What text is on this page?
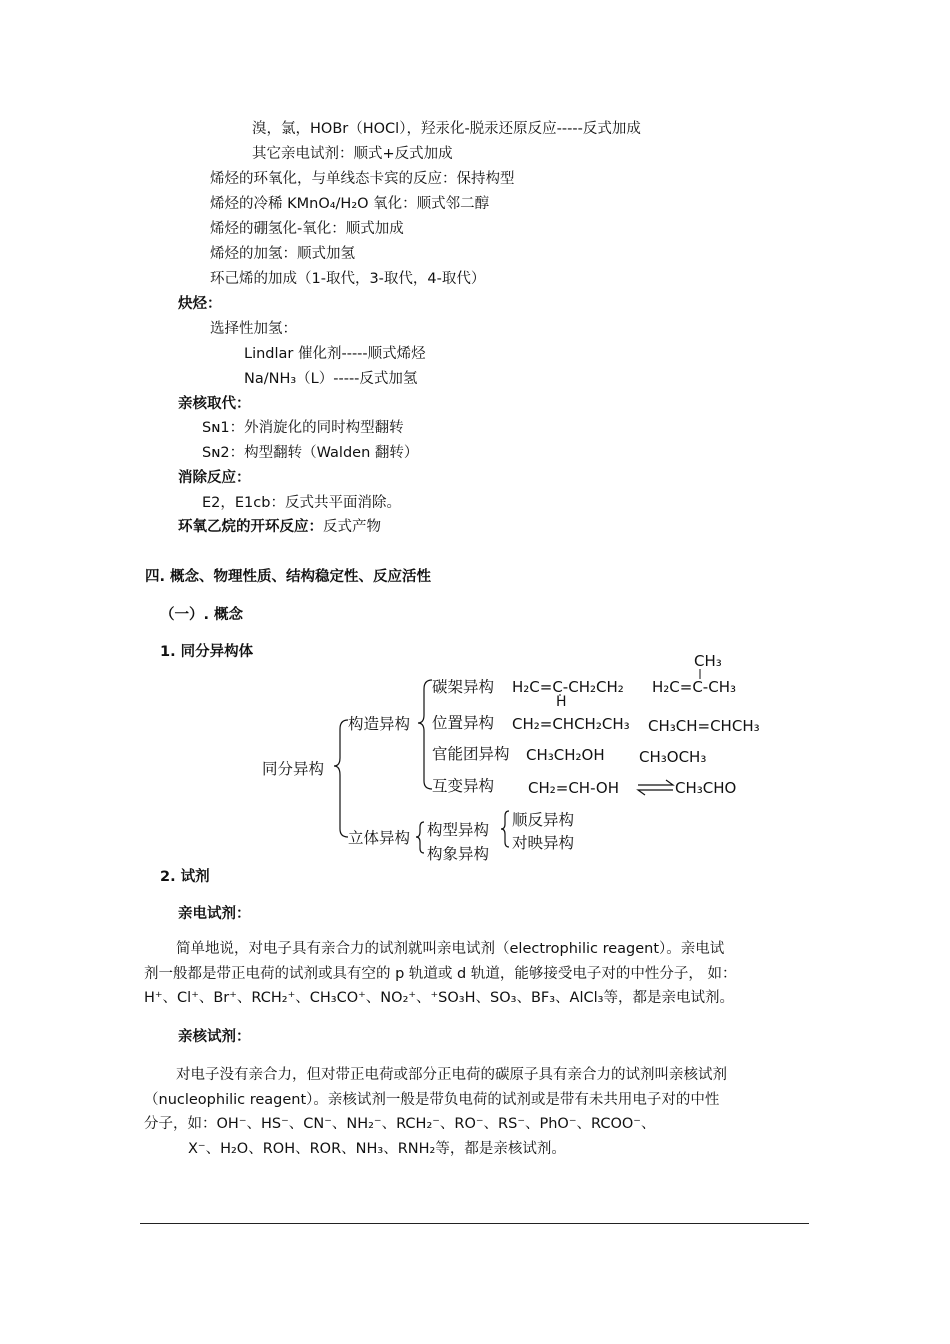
溴，氯，HOBr（HOCl），羟汞化-脱汞还原反应-----反式加成
其它亲电试剂：顺式+反式加成
烯烃的环氧化，与单线态卡宾的反应：保持构型
烯烃的冷稀 KMnO₄/H₂O 氧化：顺式邻二醇
烯烃的硼氢化-氧化：顺式加成
烯烃的加氢：顺式加氢
环己烯的加成（1-取代，3-取代，4-取代）
炔烃：
选择性加氢：
Lindlar 催化剂-----顺式烯烃
Na/NH₃（L）-----反式加氢
亲核取代：
Sɴ1：外消旋化的同时构型翻转
Sɴ2：构型翻转（Walden 翻转）
消除反应：
E2，E1cb：反式共平面消除。
环氧乙烷的开环反应：反式产物
四. 概念、物理性质、结构稳定性、反应活性
（一）. 概念
1. 同分异构体
同分异构
构造异构
立体异构
碳架异构
位置异构
官能团异构
互变异构
构型异构
构象异构
顺反异构
对映异构
H₂C=C-CH₂CH₂
H
H₂C=C-CH₃
CH₃
CH₂=CHCH₂CH₃ CH₃CH=CHCH₃
CH₃CH₂OH CH₃OCH₃
CH₂=CH-OH	CH₃CHO
2. 试剂
亲电试剂：
简单地说，对电子具有亲合力的试剂就叫亲电试剂（electrophilic reagent）。亲电试
剂一般都是带正电荷的试剂或具有空的 p 轨道或 d 轨道，能够接受电子对的中性分子， 如：
H⁺、Cl⁺、Br⁺、RCH₂⁺、CH₃CO⁺、NO₂⁺、⁺SO₃H、SO₃、BF₃、AlCl₃等，都是亲电试剂。
亲核试剂：
对电子没有亲合力，但对带正电荷或部分正电荷的碳原子具有亲合力的试剂叫亲核试剂
（nucleophilic reagent）。亲核试剂一般是带负电荷的试剂或是带有未共用电子对的中性
分子，如：OH⁻、HS⁻、CN⁻、NH₂⁻、RCH₂⁻、RO⁻、RS⁻、PhO⁻、RCOO⁻、
X⁻、H₂O、ROH、ROR、NH₃、RNH₂等，都是亲核试剂。
